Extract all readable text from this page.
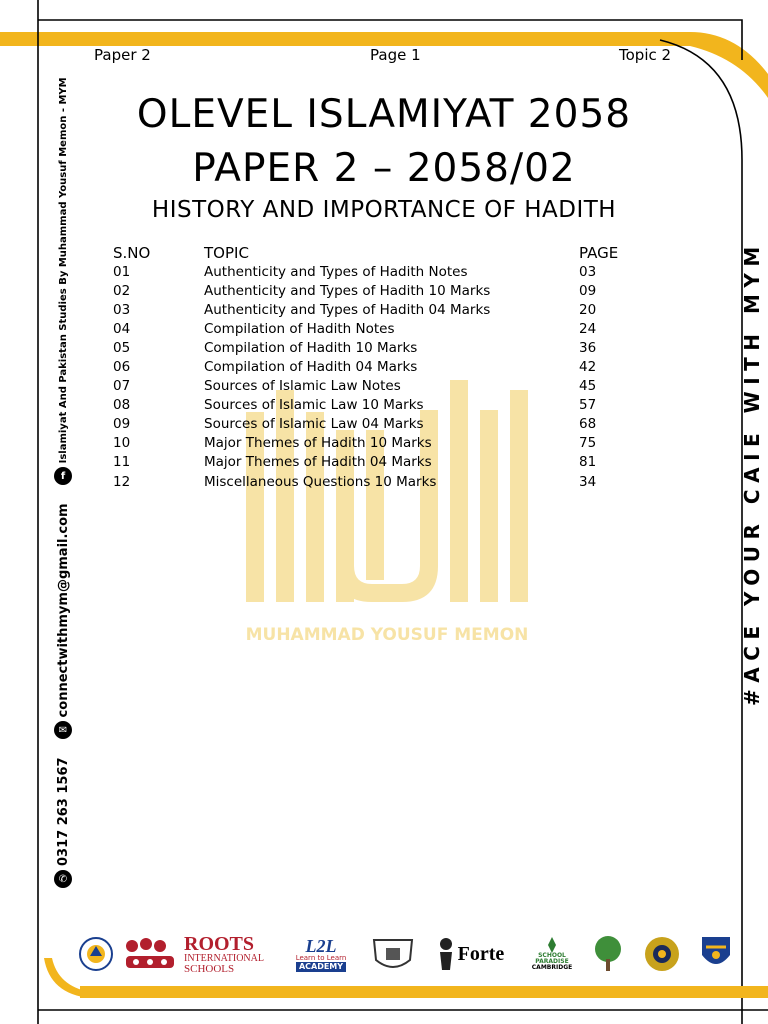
MUHAMMAD YOUSUF MEMON
Paper 2	Page 1	Topic 2
OLEVEL ISLAMIYAT 2058
PAPER 2 – 2058/02
HISTORY AND IMPORTANCE OF HADITH
S.NO	TOPIC	PAGE
01	Authenticity and Types of Hadith Notes	03
02	Authenticity and Types of Hadith 10 Marks	09
03	Authenticity and Types of Hadith 04 Marks	20
04	Compilation of Hadith Notes	24
05	Compilation of Hadith 10 Marks	36
06	Compilation of Hadith 04 Marks	42
07	Sources of Islamic Law Notes	45
08	Sources of Islamic Law 10 Marks	57
09	Sources of Islamic Law 04 Marks	68
10	Major Themes of Hadith 10 Marks	75
11	Major Themes of Hadith 04 Marks	81
12	Miscellaneous Questions 10 Marks	34
✆
0317 263 1567
✉
connectwithmym@gmail.com
f
Islamiyat And Pakistan Studies By Muhammad Yousuf Memon - MYM	#ACE YOUR CAIE WITH MYM
ROOTS
INTERNATIONAL
SCHOOLS
L2L
Learn to Learn
ACADEMY
Forte	SCHOOL
PARADISE
CAMBRIDGE
